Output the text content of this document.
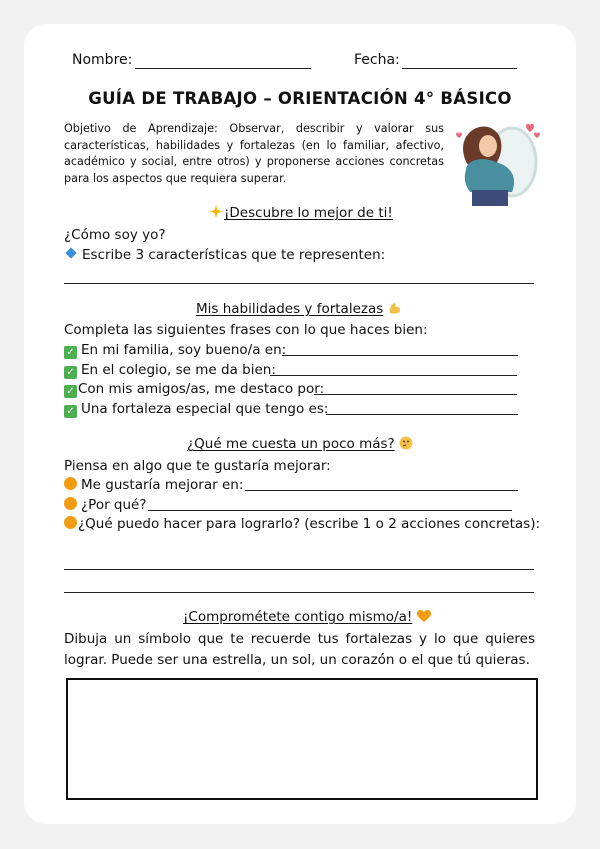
Nombre:	Fecha:
GUÍA DE TRABAJO – ORIENTACIÓN 4° BÁSICO
Objetivo de Aprendizaje: Observar, describir y valorar sus características, habilidades y fortalezas (en lo familiar, afectivo, académico y social, entre otros) y proponerse acciones concretas para los aspectos que requiera superar.
¡Descubre lo mejor de ti!
¿Cómo soy yo?
Escribe 3 características que te representen:
Mis habilidades y fortalezas
Completa las siguientes frases con lo que haces bien:
✓ En mi familia, soy bueno/a en:
✓ En el colegio, se me da bien:
✓ Con mis amigos/as, me destaco por:
✓ Una fortaleza especial que tengo es:
¿Qué me cuesta un poco más?
Piensa en algo que te gustaría mejorar:
Me gustaría mejorar en:
¿Por qué?
¿Qué puedo hacer para lograrlo? (escribe 1 o 2 acciones concretas):
¡Comprométete contigo mismo/a!
Dibuja un símbolo que te recuerde tus fortalezas y lo que quieres lograr. Puede ser una estrella, un sol, un corazón o el que tú quieras.
